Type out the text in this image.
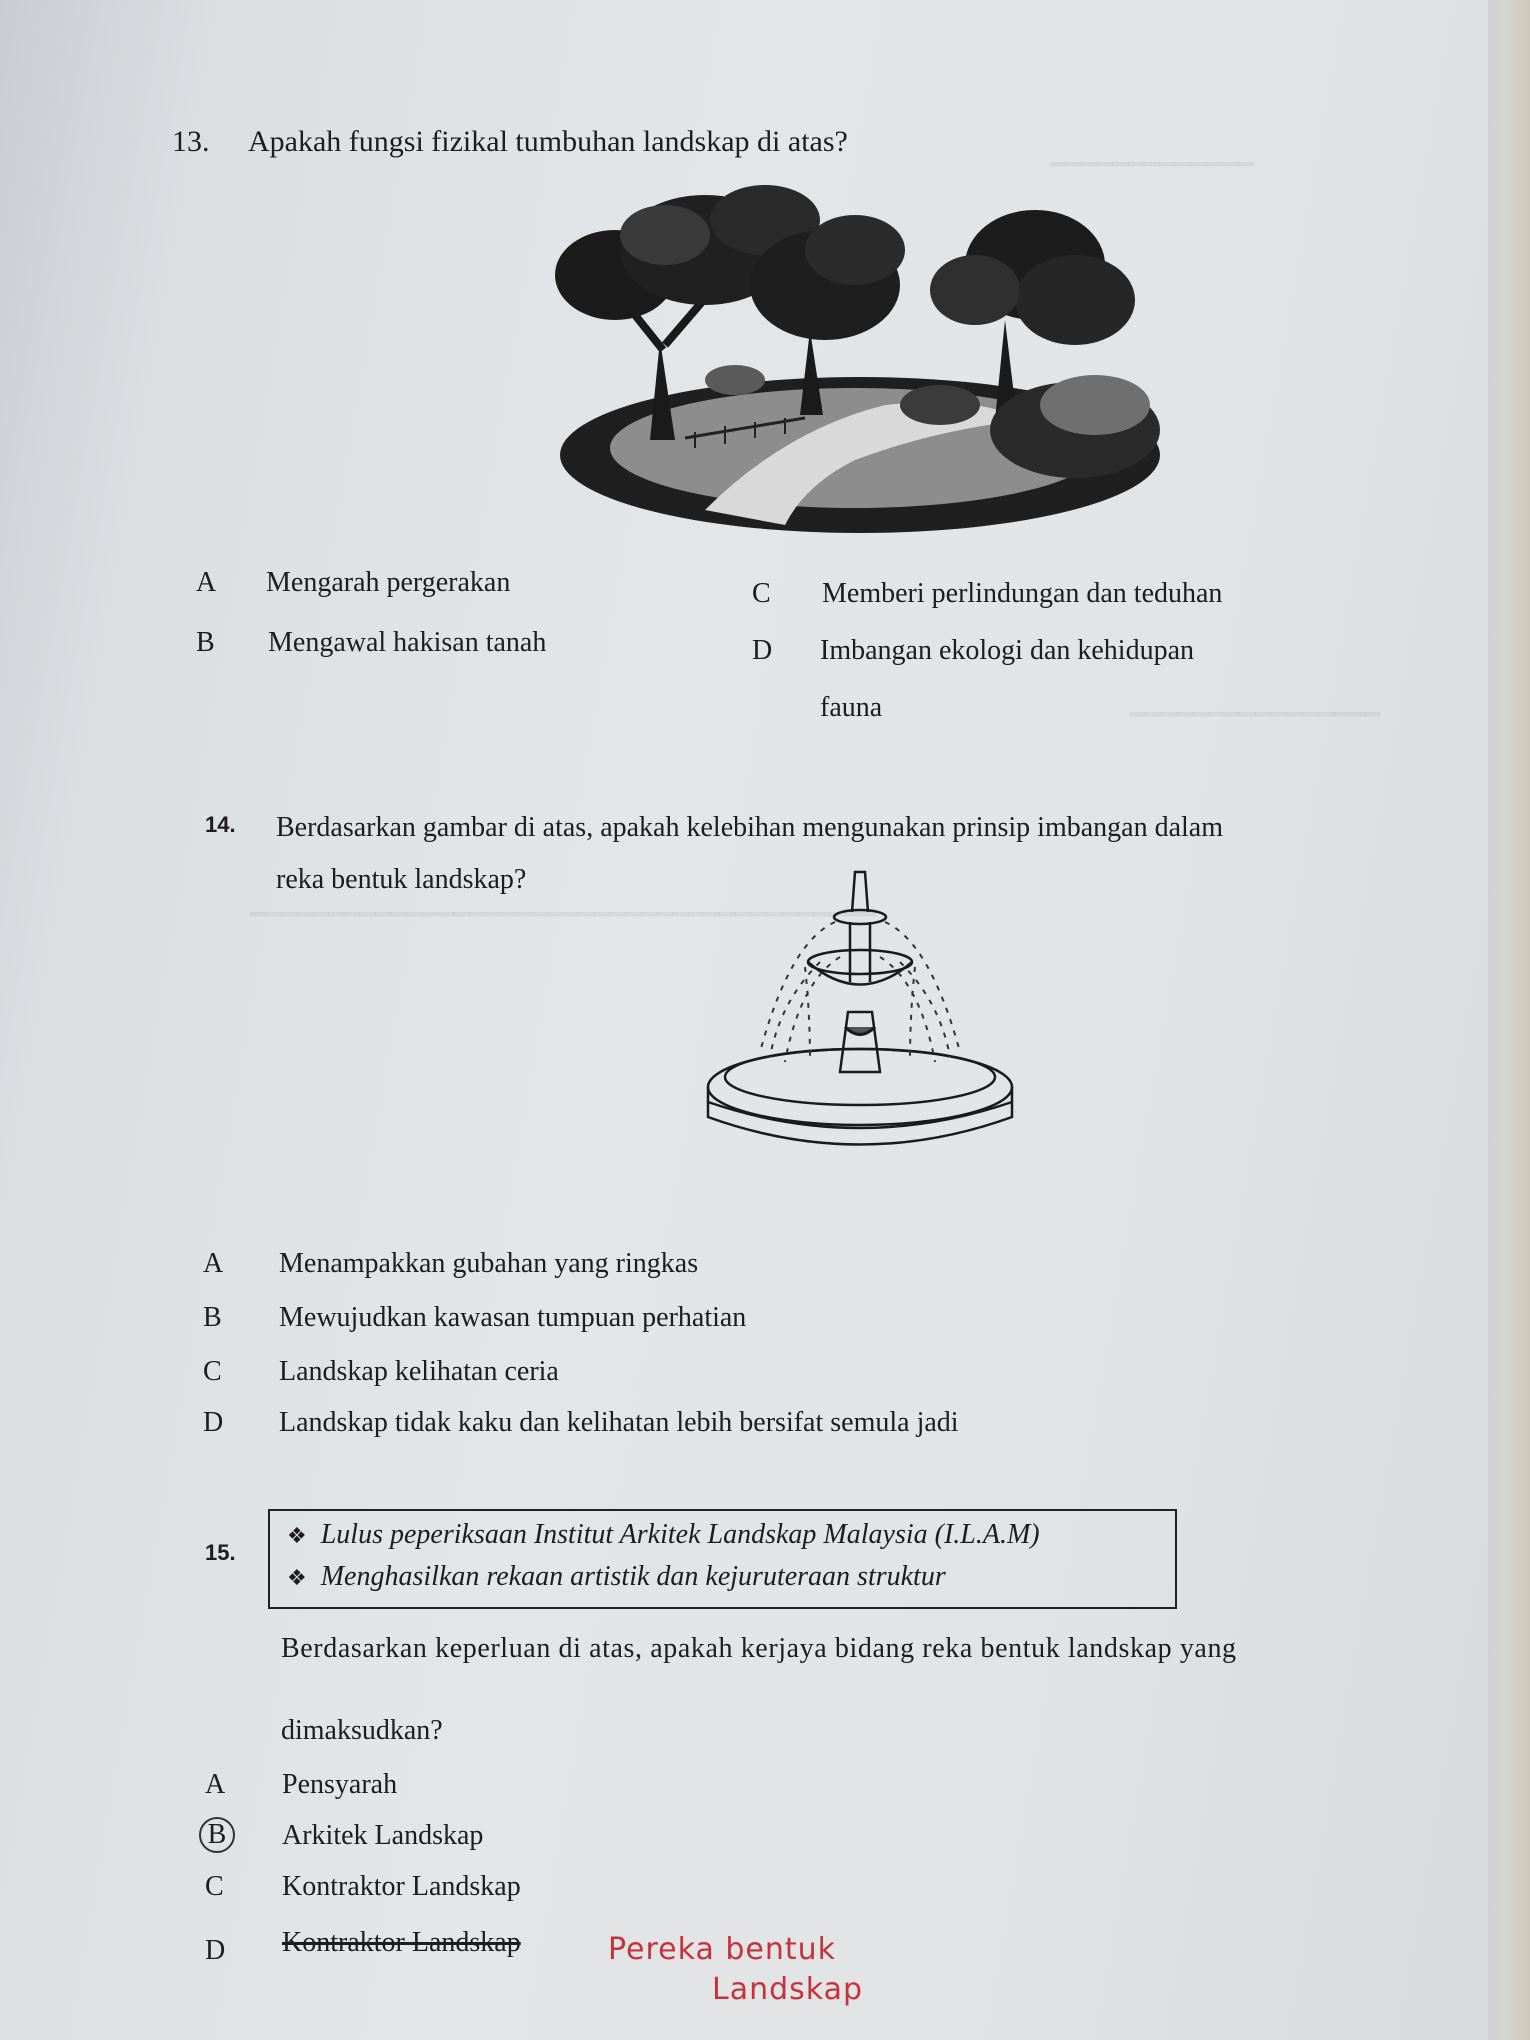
━━━━━━━━━━━━━
━━━━━━━━━━━━━━━━
━━━━━━━━━━━━━━━━━━━━━━━━━━━━━━━━━━━━━━━━
13. Apakah fungsi fizikal tumbuhan landskap di atas?
A Mengarah pergerakan
B Mengawal hakisan tanah
C Memberi perlindungan dan teduhan
D Imbangan ekologi dan kehidupan
fauna
14. Berdasarkan gambar di atas, apakah kelebihan mengunakan prinsip imbangan dalam
reka bentuk landskap?
A Menampakkan gubahan yang ringkas
B Mewujudkan kawasan tumpuan perhatian
C Landskap kelihatan ceria
D Landskap tidak kaku dan kelihatan lebih bersifat semula jadi
15.
❖ Lulus peperiksaan Institut Arkitek Landskap Malaysia (I.L.A.M)
❖ Menghasilkan rekaan artistik dan kejuruteraan struktur
Berdasarkan keperluan di atas, apakah kerjaya bidang reka bentuk landskap yang
dimaksudkan?
A Pensyarah
B	Arkitek Landskap
C Kontraktor Landskap
D Kontraktor Landskap	Pereka bentuk
Landskap
